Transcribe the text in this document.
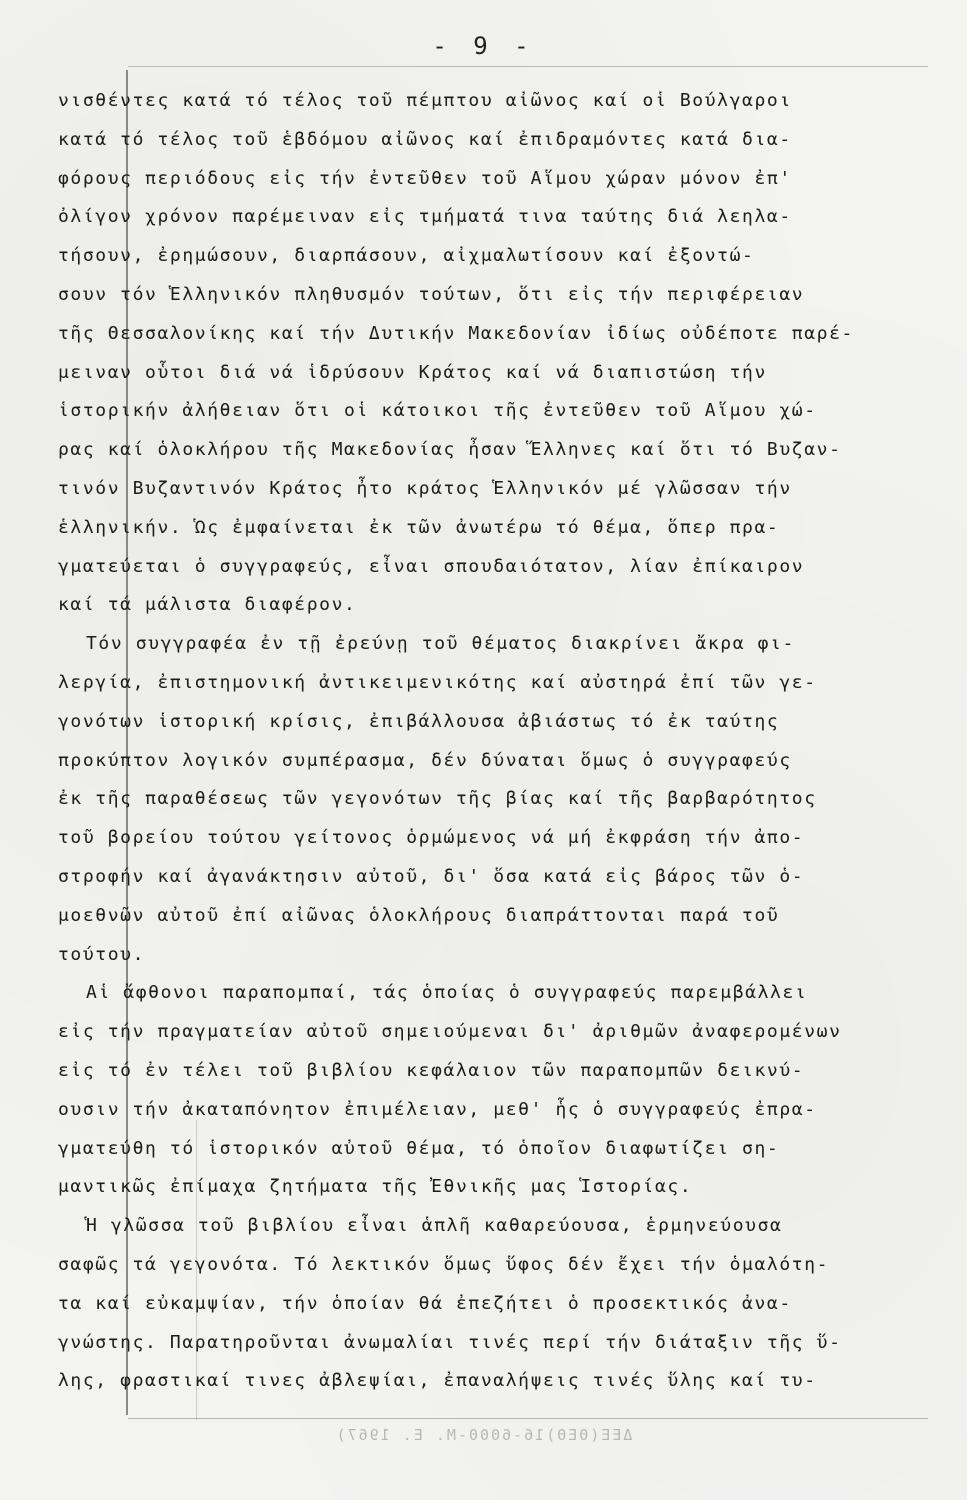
- 9 -
νισθέντες κατά τό τέλος τοῦ πέμπτου αἰῶνος καί οἱ Βούλγαροι
κατά τό τέλος τοῦ ἑβδόμου αἰῶνος καί ἐπιδραμόντες κατά δια-
φόρους περιόδους εἰς τήν ἐντεῦθεν τοῦ Αἵμου χώραν μόνον ἐπ'
ὀλίγον χρόνον παρέμειναν εἰς τμήματά τινα ταύτης διά λεηλα-
τήσουν, ἐρημώσουν, διαρπάσουν, αἰχμαλωτίσουν καί ἐξοντώ-
σουν τόν Ἑλληνικόν πληθυσμόν τούτων, ὅτι εἰς τήν περιφέρειαν
τῆς Θεσσαλονίκης καί τήν Δυτικήν Μακεδονίαν ἰδίως οὐδέποτε παρέ-
μειναν οὗτοι διά νά ἱδρύσουν Κράτος καί νά διαπιστώση τήν
ἱστορικήν ἀλήθειαν ὅτι οἱ κάτοικοι τῆς ἐντεῦθεν τοῦ Αἵμου χώ-
ρας καί ὁλοκλήρου τῆς Μακεδονίας ἦσαν Ἕλληνες καί ὅτι τό Βυζαν-
τινόν Βυζαντινόν Κράτος ἦτο κράτος Ἑλληνικόν μέ γλῶσσαν τήν
ἑλληνικήν. Ὡς ἐμφαίνεται ἐκ τῶν ἀνωτέρω τό θέμα, ὅπερ πρα-
γματεύεται ὁ συγγραφεύς, εἶναι σπουδαιότατον, λίαν ἐπίκαιρον
καί τά μάλιστα διαφέρον.
Τόν συγγραφέα ἐν τῇ ἐρεύνῃ τοῦ θέματος διακρίνει ἄκρα φι-
λεργία, ἐπιστημονική ἀντικειμενικότης καί αὐστηρά ἐπί τῶν γε-
γονότων ἱστορική κρίσις, ἐπιβάλλουσα ἀβιάστως τό ἐκ ταύτης
προκύπτον λογικόν συμπέρασμα, δέν δύναται ὅμως ὁ συγγραφεύς
ἐκ τῆς παραθέσεως τῶν γεγονότων τῆς βίας καί τῆς βαρβαρότητος
τοῦ βορείου τούτου γείτονος ὁρμώμενος νά μή ἐκφράση τήν ἀπο-
στροφήν καί ἀγανάκτησιν αὐτοῦ, δι' ὅσα κατά εἰς βάρος τῶν ὁ-
μοεθνῶν αὐτοῦ ἐπί αἰῶνας ὁλοκλήρους διαπράττονται παρά τοῦ
τούτου.
Αἱ ἄφθονοι παραπομπαί, τάς ὁποίας ὁ συγγραφεύς παρεμβάλλει
εἰς τήν πραγματείαν αὐτοῦ σημειούμεναι δι' ἀριθμῶν ἀναφερομένων
εἰς τό ἐν τέλει τοῦ βιβλίου κεφάλαιον τῶν παραπομπῶν δεικνύ-
ουσιν τήν ἀκαταπόνητον ἐπιμέλειαν, μεθ' ἧς ὁ συγγραφεύς ἐπρα-
γματεύθη τό ἱστορικόν αὐτοῦ θέμα, τό ὁποῖον διαφωτίζει ση-
μαντικῶς ἐπίμαχα ζητήματα τῆς Ἐθνικῆς μας Ἱστορίας.
Ἡ γλῶσσα τοῦ βιβλίου εἶναι ἁπλῆ καθαρεύουσα, ἑρμηνεύουσα
σαφῶς τά γεγονότα. Τό λεκτικόν ὅμως ὕφος δέν ἔχει τήν ὁμαλότη-
τα καί εὐκαμψίαν, τήν ὁποίαν θά ἐπεζήτει ὁ προσεκτικός ἀνα-
γνώστης. Παρατηροῦνται ἀνωμαλίαι τινές περί τήν διάταξιν τῆς ὕ-
λης, φραστικαί τινες ἀβλεψίαι, ἐπαναλήψεις τινές ὕλης καί τυ-
ΔΕΕ(ΘΕΘ)16-6000-Μ. Ε. 1967)
